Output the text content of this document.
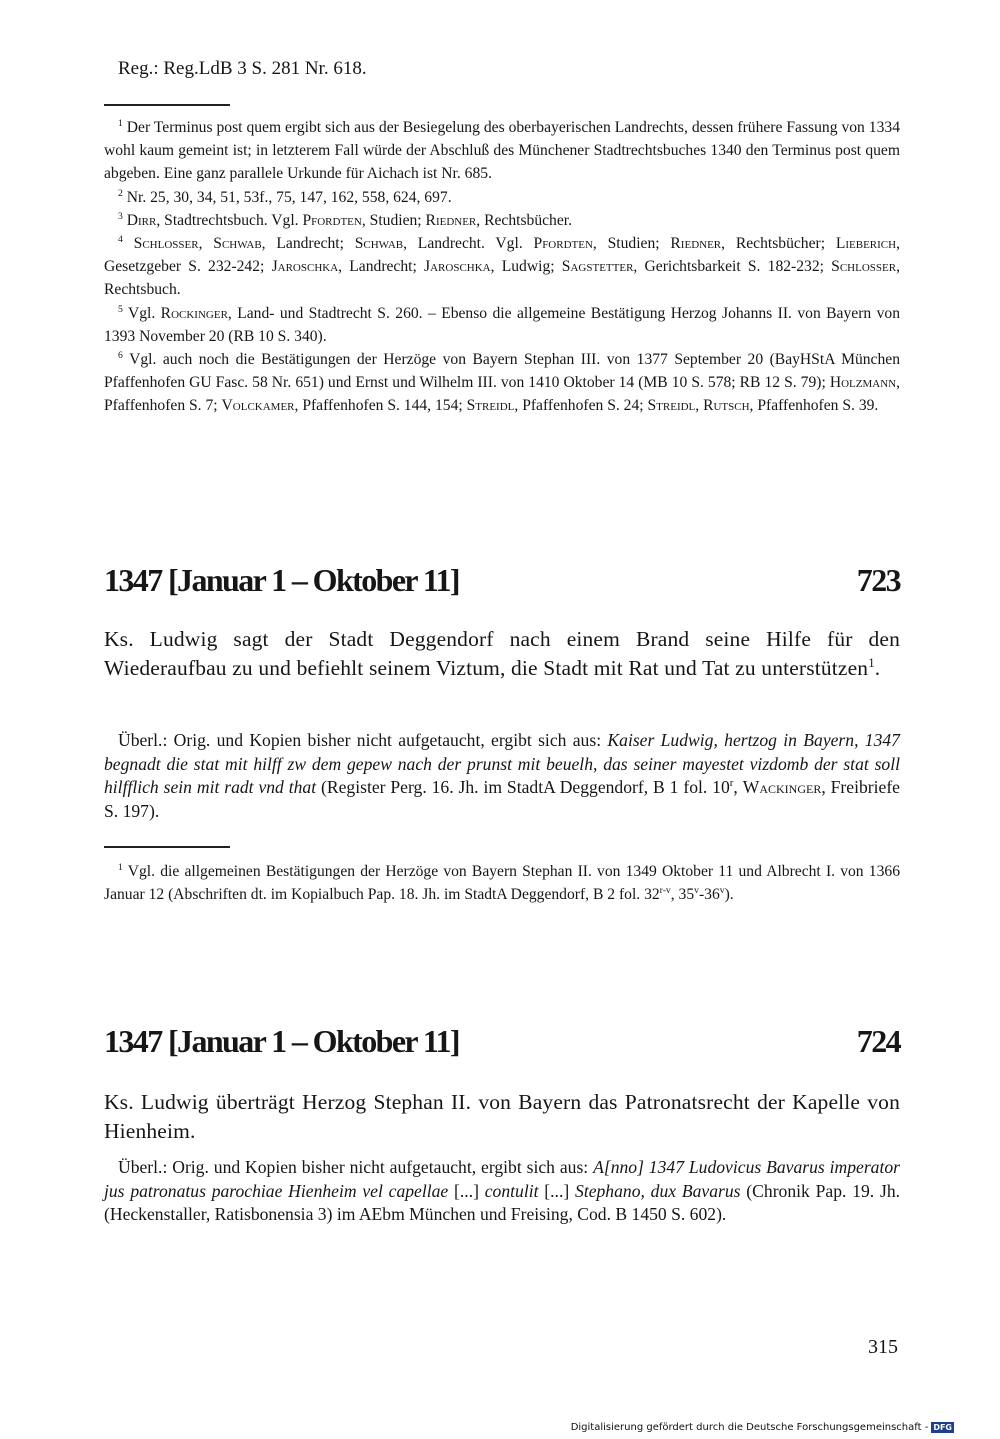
Reg.: Reg.LdB 3 S. 281 Nr. 618.

$^1$ Der Terminus post quem ergibt sich aus der Besiegelung des oberbayerischen Landrechts, dessen frühere Fassung von 1334 wohl kaum gemeint ist; in letzterem Fall würde der Abschluß des Münchener Stadtrechtsbuches 1340 den Terminus post quem abgeben. Eine ganz parallele Urkunde für Aichach ist Nr. 685.

$^2$ Nr. 25, 30, 34, 51, 53f., 75, 147, 162, 558, 624, 697.

$^3$ Dirr, Stadtrechtsbuch. Vgl. Pfordten, Studien; Riedner, Rechtsbücher.

$^4$ Schlosser, Schwab, Landrecht; Schwab, Landrecht. Vgl. Pfordten, Studien; Riedner, Rechtsbücher; Lieberich, Gesetzgeber S. 232-242; Jaroschka, Landrecht; Jaroschka, Ludwig; Sagstetter, Gerichtsbarkeit S. 182-232; Schlosser, Rechtsbuch.

$^5$ Vgl. Rockinger, Land- und Stadtrecht S. 260. – Ebenso die allgemeine Bestätigung Herzog Johanns II. von Bayern von 1393 November 20 (RB 10 S. 340).

$^6$ Vgl. auch noch die Bestätigungen der Herzöge von Bayern Stephan III. von 1377 September 20 (BayHStA München Pfaffenhofen GU Fasc. 58 Nr. 651) und Ernst und Wilhelm III. von 1410 Oktober 14 (MB 10 S. 578; RB 12 S. 79); Holzmann, Pfaffenhofen S. 7; Volckamer, Pfaffenhofen S. 144, 154; Streidl, Pfaffenhofen S. 24; Streidl, Rutsch, Pfaffenhofen S. 39.

1347 [Januar 1 – Oktober 11]	723
Ks. Ludwig sagt der Stadt Deggendorf nach einem Brand seine Hilfe für den Wiederaufbau zu und befiehlt seinem Viztum, die Stadt mit Rat und Tat zu unterstützen$^1$.
Überl.: Orig. und Kopien bisher nicht aufgetaucht, ergibt sich aus: Kaiser Ludwig, hertzog in Bayern, 1347 begnadt die stat mit hilff zw dem gepew nach der prunst mit beuelh, das seiner mayestet vizdomb der stat soll hilfflich sein mit radt vnd that (Register Perg. 16. Jh. im StadtA Deggendorf, B 1 fol. 10$^r$, Wackinger, Freibriefe S. 197).
$^1$ Vgl. die allgemeinen Bestätigungen der Herzöge von Bayern Stephan II. von 1349 Oktober 11 und Albrecht I. von 1366 Januar 12 (Abschriften dt. im Kopialbuch Pap. 18. Jh. im StadtA Deggendorf, B 2 fol. 32$^{r-v}$, 35$^v$-36$^v$).
1347 [Januar 1 – Oktober 11]	724
Ks. Ludwig überträgt Herzog Stephan II. von Bayern das Patronatsrecht der Kapelle von Hienheim.
Überl.: Orig. und Kopien bisher nicht aufgetaucht, ergibt sich aus: A[nno] 1347 Ludovicus Bavarus imperator jus patronatus parochiae Hienheim vel capellae [...] contulit [...] Stephano, dux Bavarus (Chronik Pap. 19. Jh. (Heckenstaller, Ratisbonensia 3) im AEbm München und Freising, Cod. B 1450 S. 602).
315
Digitalisierung gefördert durch die Deutsche Forschungsgemeinschaft - DFG
